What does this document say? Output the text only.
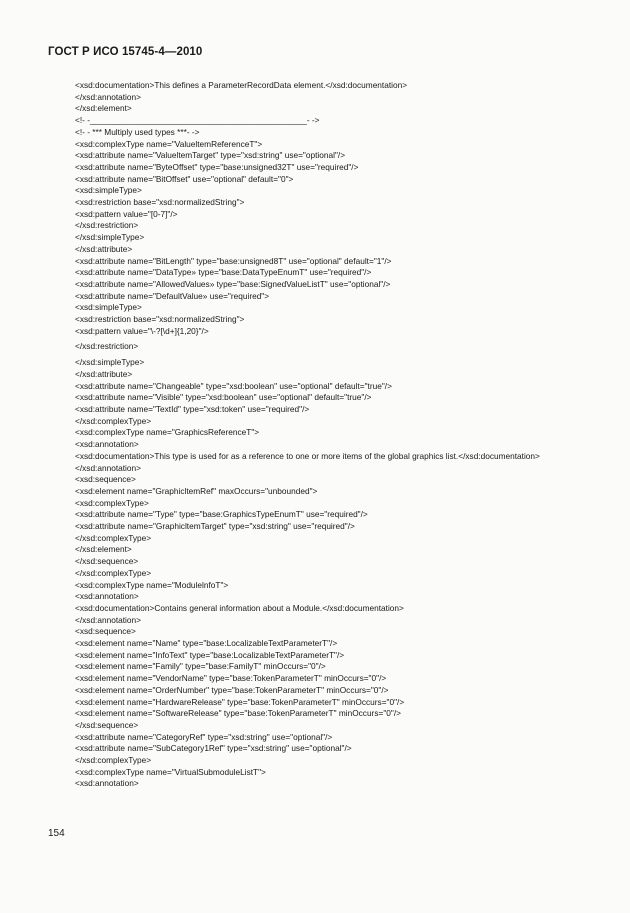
ГОСТ Р ИСО 15745-4—2010
<xsd:documentation>This defines a ParameterRecordData element.</xsd:documentation>
</xsd:annotation>
</xsd:element>
<!- -_______________________________________________- ->
<!- - *** Multiply used types ***- ->
<xsd:complexType name="ValueltemReferenceT">
<xsd:attribute name="ValueltemTarget" type="xsd:string" use="optional"/>
<xsd:attribute name="ByteOffset" type="base:unsigned32T" use="required"/>
<xsd:attribute name="BitOffset" use="optional" default="0">
<xsd:simpleType>
<xsd:restriction base="xsd:normalizedString">
<xsd:pattern value="[0-7]"/>
</xsd:restriction>
</xsd:simpleType>
</xsd:attribute>
<xsd:attribute name="BitLength" type="base:unsigned8T" use="optional" default="1"/>
<xsd:attribute name="DataType» type="base:DataTypeEnumT" use="required"/>
<xsd:attribute name="AllowedValues» type="base:SignedValueListT" use="optional"/>
<xsd:attribute name="DefaultValue» use="required">
<xsd:simpleType>
<xsd:restriction base="xsd:normalizedString">
<xsd:pattern value="\-?[\d+]{1,20}"/>
</xsd:restriction>
</xsd:simpleType>
</xsd:attribute>
<xsd:attribute name="Changeable" type="xsd:boolean" use="optional" default="true"/>
<xsd:attribute name="Visible" type="xsd:boolean" use="optional" default="true"/>
<xsd:attribute name="TextId" type="xsd:token" use="required"/>
</xsd:complexType>
<xsd:complexType name="GraphicsReferenceT">
<xsd:annotation>
<xsd:documentation>This type is used for as a reference to one or more items of the global graphics list.</xsd:documentation>
</xsd:annotation>
<xsd:sequence>
<xsd:element name="GraphicltemRef" maxOccurs="unbounded">
<xsd:complexType>
<xsd:attribute name="Type" type="base:GraphicsTypeEnumT" use="required"/>
<xsd:attribute name="GraphicltemTarget" type="xsd:string" use="required"/>
</xsd:complexType>
</xsd:element>
</xsd:sequence>
</xsd:complexType>
<xsd:complexType name="ModulelnfoT">
<xsd:annotation>
<xsd:documentation>Contains general information about a Module.</xsd:documentation>
</xsd:annotation>
<xsd:sequence>
<xsd:element name="Name" type="base:LocalizableTextParameterT"/>
<xsd:element name="InfoText" type="base:LocalizableTextParameterT"/>
<xsd:element name="Family" type="base:FamilyT" minOccurs="0"/>
<xsd:element name="VendorName" type="base:TokenParameterT" minOccurs="0"/>
<xsd:element name="OrderNumber" type="base:TokenParameterT" minOccurs="0"/>
<xsd:element name="HardwareRelease" type="base:TokenParameterT" minOccurs="0"/>
<xsd:element name="SoftwareRelease" type="base:TokenParameterT" minOccurs="0"/>
</xsd:sequence>
<xsd:attribute name="CategoryRef" type="xsd:string" use="optional"/>
<xsd:attribute name="SubCategory1Ref" type="xsd:string" use="optional"/>
</xsd:complexType>
<xsd:complexType name="VirtualSubmoduleListT">
<xsd:annotation>
154
